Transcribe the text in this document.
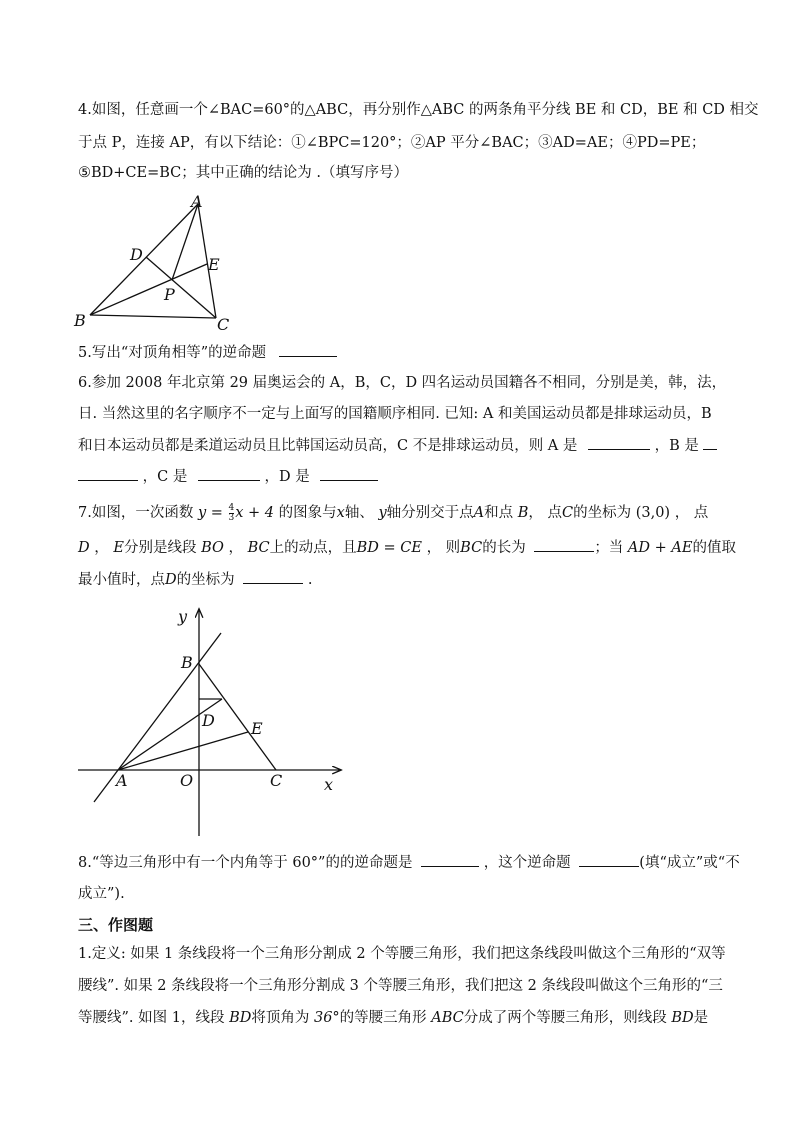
4.如图，任意画一个∠BAC=60°的△ABC，再分别作△ABC 的两条角平分线 BE 和 CD，BE 和 CD 相交
于点 P，连接 AP，有以下结论：①∠BPC=120°；②AP 平分∠BAC；③AD=AE；④PD=PE；
⑤BD+CE=BC；其中正确的结论为 .（填写序号）
A
B	C
D
E
P
5.写出“对顶角相等”的逆命题
6.参加 2008 年北京第 29 届奥运会的 A，B，C，D 四名运动员国籍各不相同，分别是美，韩，法，
日. 当然这里的名字顺序不一定与上面写的国籍顺序相同. 已知: A 和美国运动员都是排球运动员，B
和日本运动员都是柔道运动员且比韩国运动员高，C 不是排球运动员，则 A 是	，B 是
，C 是	，D 是
7.如图，一次函数 $y = \frac{4}{3}$ x + 4 的图象与x轴、 y轴分别交于点A和点 B， 点C的坐标为 (3,0) ， 点
D ， E分别是线段 BO ， BC上的动点，且BD = CE ， 则BC的长为	；当 AD + AE的值取
最小值时，点D的坐标为	.
y
x
B
D E
A	O	C
8.“等边三角形中有一个内角等于 60°”的的逆命题是	，这个逆命题	(填“成立”或“不
成立”).
三、作图题
1.定义: 如果 1 条线段将一个三角形分割成 2 个等腰三角形，我们把这条线段叫做这个三角形的“双等
腰线”. 如果 2 条线段将一个三角形分割成 3 个等腰三角形，我们把这 2 条线段叫做这个三角形的“三
等腰线”. 如图 1，线段 BD将顶角为 36°的等腰三角形 ABC分成了两个等腰三角形，则线段 BD是
